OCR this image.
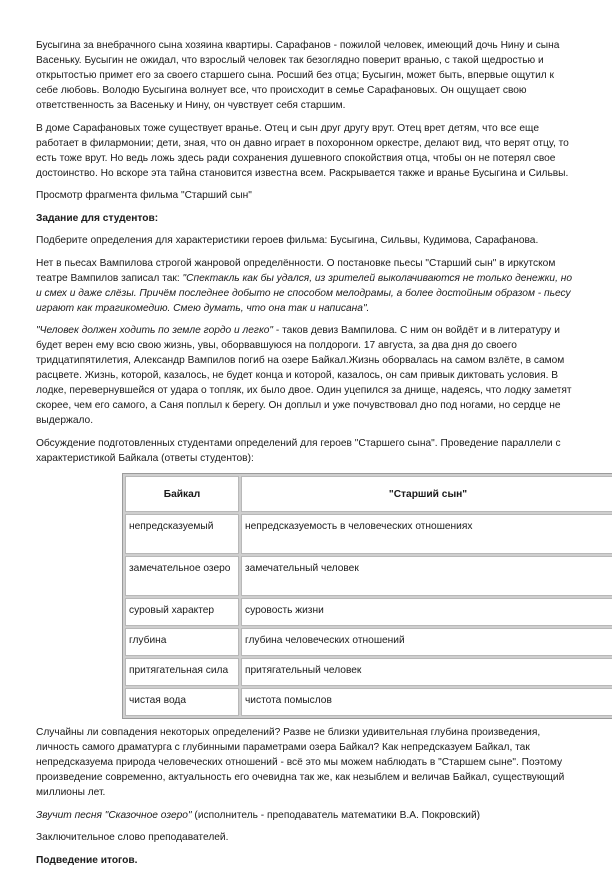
Бусыгина за внебрачного сына хозяина квартиры. Сарафанов - пожилой человек, имеющий дочь Нину и сына Васеньку. Бусыгин не ожидал, что взрослый человек так безоглядно поверит вранью, с такой щедростью и открытостью примет его за своего старшего сына. Росший без отца; Бусыгин, может быть, впервые ощутил к себе любовь. Володю Бусыгина волнует все, что происходит в семье Сарафановых. Он ощущает свою ответственность за Васеньку и Нину, он чувствует себя старшим.

В доме Сарафановых тоже существует вранье. Отец и сын друг другу врут. Отец врет детям, что все еще работает в филармонии; дети, зная, что он давно играет в похоронном оркестре, делают вид, что верят отцу, то есть тоже врут. Но ведь ложь здесь ради сохранения душевного спокойствия отца, чтобы он не потерял свое достоинство. Но вскоре эта тайна становится известна всем. Раскрывается также и вранье Бусыгина и Сильвы.

Просмотр фрагмента фильма "Старший сын"

Задание для студентов:

Подберите определения для характеристики героев фильма: Бусыгина, Сильвы, Кудимова, Сарафанова.

Нет в пьесах Вампилова строгой жанровой определённости. О постановке пьесы "Старший сын" в иркутском театре Вампилов записал так: "Спектакль как бы удался, из зрителей выколачиваются не только денежки, но и смех и даже слёзы. Причём последнее добыто не способом мелодрамы, а более достойным образом - пьесу играют как трагикомедию. Смею думать, что она так и написана".

"Человек должен ходить по земле гордо и легко" - таков девиз Вампилова. С ним он войдёт и в литературу и будет верен ему всю свою жизнь, увы, оборвавшуюся на полдороги. 17 августа, за два дня до своего тридцатипятилетия, Александр Вампилов погиб на озере Байкал.Жизнь оборвалась на самом взлёте, в самом расцвете. Жизнь, которой, казалось, не будет конца и которой, казалось, он сам привык диктовать условия. В лодке, перевернувшейся от удара о топляк, их было двое. Один уцепился за днище, надеясь, что лодку заметят скорее, чем его самого, а Саня поплыл к берегу. Он доплыл и уже почувствовал дно под ногами, но сердце не выдержало.

Обсуждение подготовленных студентами определений для героев "Старшего сына". Проведение параллели с характеристикой Байкала (ответы студентов):

Байкал	"Старший сын"
непредсказуемый	непредсказуемость в человеческих отношениях
замечательное озеро	замечательный человек
суровый характер	суровость жизни
глубина	глубина человеческих отношений
притягательная сила	притягательный человек
чистая вода	чистота помыслов

Случайны ли совпадения некоторых определений? Разве не близки удивительная глубина произведения, личность самого драматурга с глубинными параметрами озера Байкал? Как непредсказуем Байкал, так непредсказуема природа человеческих отношений - всё это мы можем наблюдать в "Старшем сыне". Поэтому произведение современно, актуальность его очевидна так же, как незыблем и величав Байкал, существующий миллионы лет.

Звучит песня "Сказочное озеро" (исполнитель - преподаватель математики В.А. Покровский)

Заключительное слово преподавателей.

Подведение итогов.
